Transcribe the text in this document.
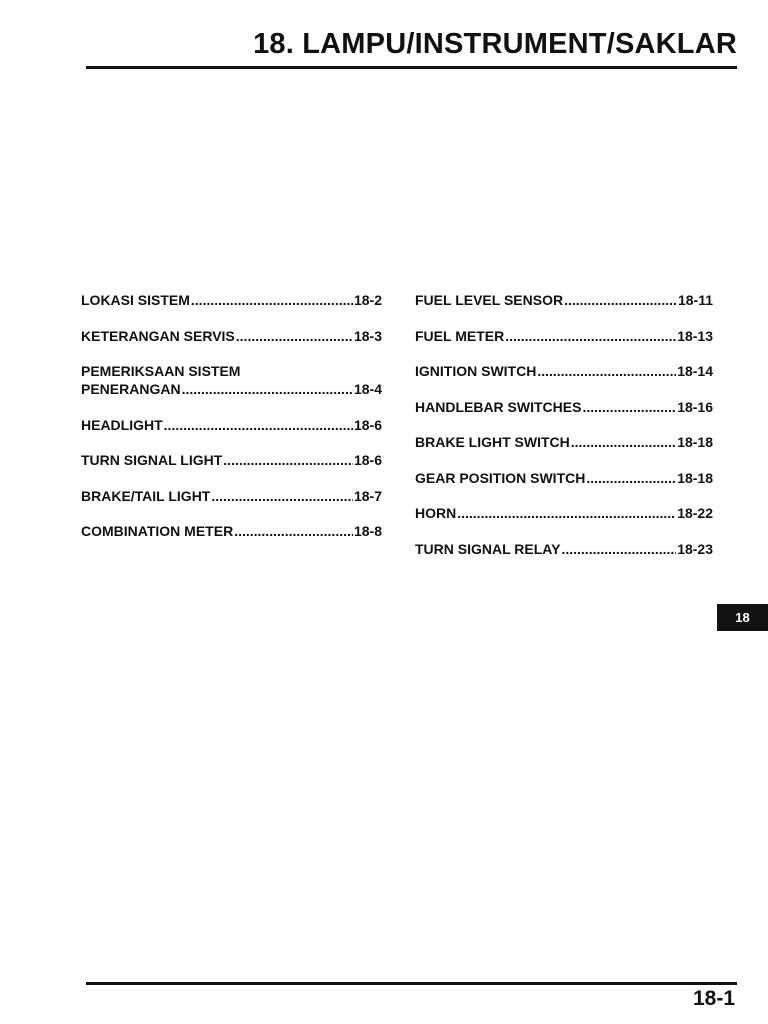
18. LAMPU/INSTRUMENT/SAKLAR
LOKASI SISTEM .....	18-2
KETERANGAN SERVIS .....	18-3
PEMERIKSAAN SISTEM
PENERANGAN .....	18-4
HEADLIGHT .....	18-6
TURN SIGNAL LIGHT .....	18-6
BRAKE/TAIL LIGHT .....	18-7
COMBINATION METER .....	18-8
FUEL LEVEL SENSOR .....	18-11
FUEL METER .....	18-13
IGNITION SWITCH .....	18-14
HANDLEBAR SWITCHES .....	18-16
BRAKE LIGHT SWITCH .....	18-18
GEAR POSITION SWITCH .....	18-18
HORN .....	18-22
TURN SIGNAL RELAY .....	18-23
18
18-1
